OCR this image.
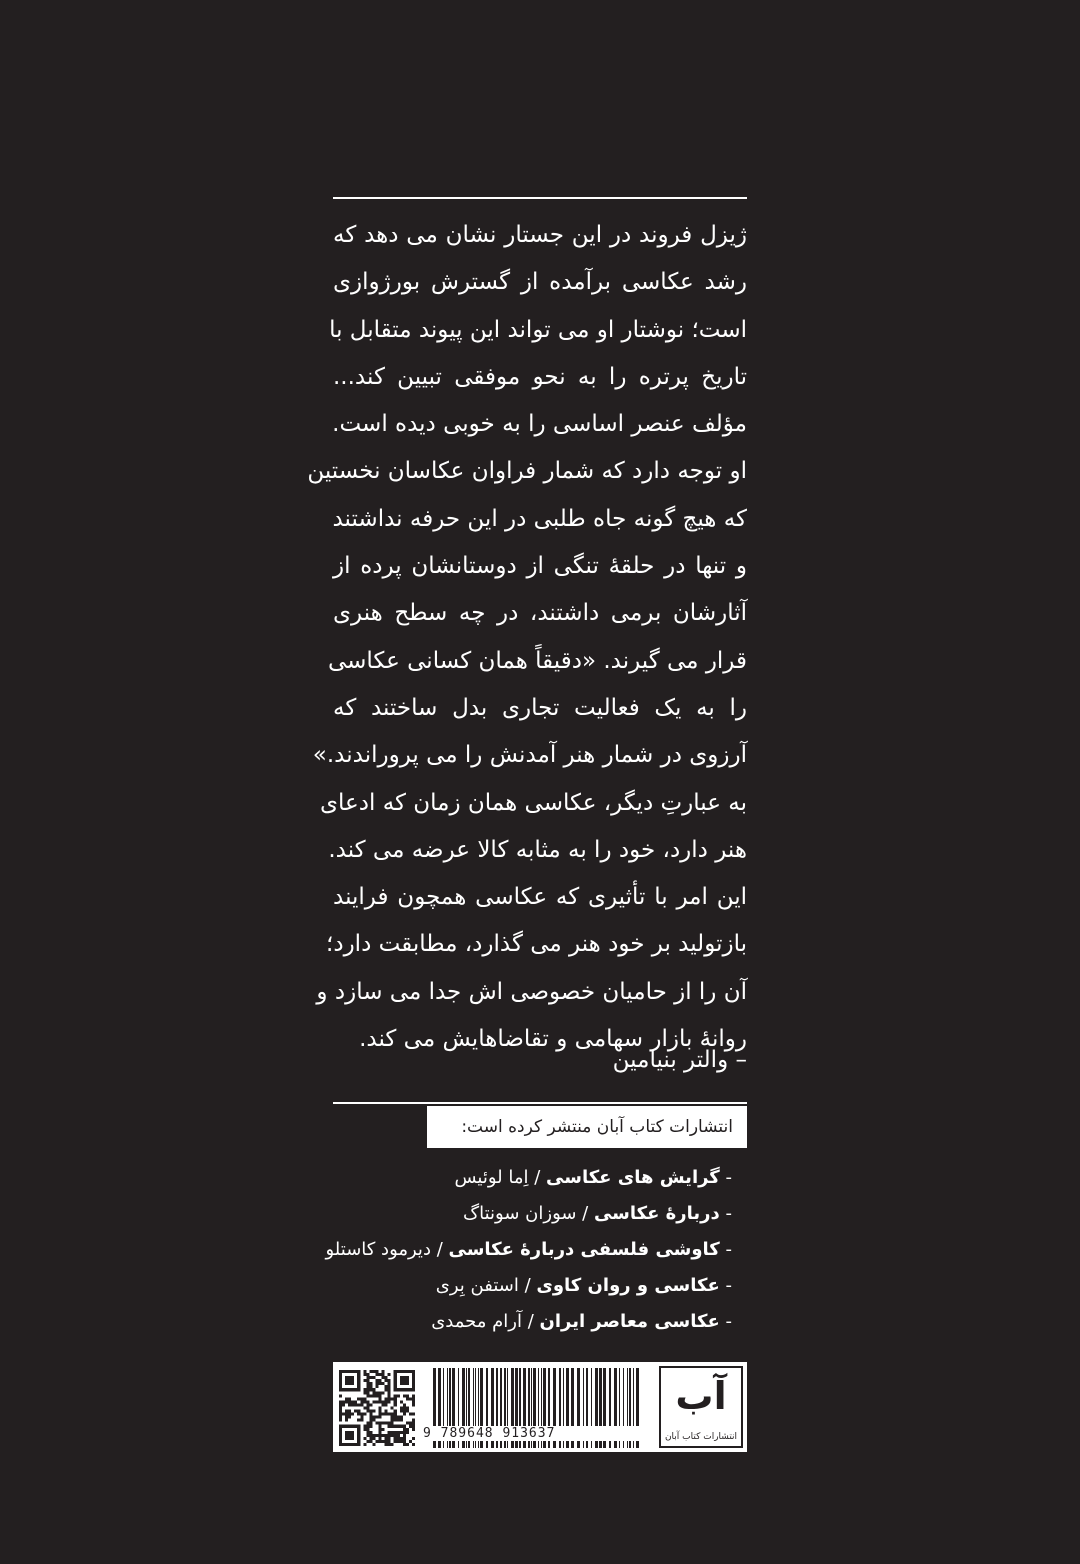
ژیزل فروند در این جستار نشان می دهد که
رشد عکاسی برآمده از گسترش بورژوازی
است؛ نوشتار او می تواند این پیوند متقابل با
تاریخ پرتره را به نحو موفقی تبیین کند...
مؤلف عنصر اساسی را به خوبی دیده است.
او توجه دارد که شمار فراوان عکاسان نخستین
که هیچ گونه جاه طلبی در این حرفه نداشتند
و تنها در حلقهٔ تنگی از دوستانشان پرده از
آثارشان برمی داشتند، در چه سطح هنری
قرار می گیرند. «دقیقاً همان کسانی عکاسی
را به یک فعالیت تجاری بدل ساختند که
آرزوی در شمار هنر آمدنش را می پروراندند.»
به عبارتِ دیگر، عکاسی همان زمان که ادعای
هنر دارد، خود را به مثابه کالا عرضه می کند.
این امر با تأثیری که عکاسی همچون فرایند
بازتولید بر خود هنر می گذارد، مطابقت دارد؛
آن را از حامیان خصوصی اش جدا می سازد و
روانهٔ بازار سهامی و تقاضاهایش می کند.
– والتر بنیامین
انتشارات کتاب آبان منتشر کرده است:
- گرایش های عکاسی / اِما لوئیس
- دربارهٔ عکاسی / سوزان سونتاگ
- کاوشی فلسفی دربارهٔ عکاسی / دیرمود کاستلو
- عکاسی و روان کاوی / استفن بِری
- عکاسی معاصر ایران / آرام محمدی
9 789648 913637
آب
انتشارات کتاب آبان
